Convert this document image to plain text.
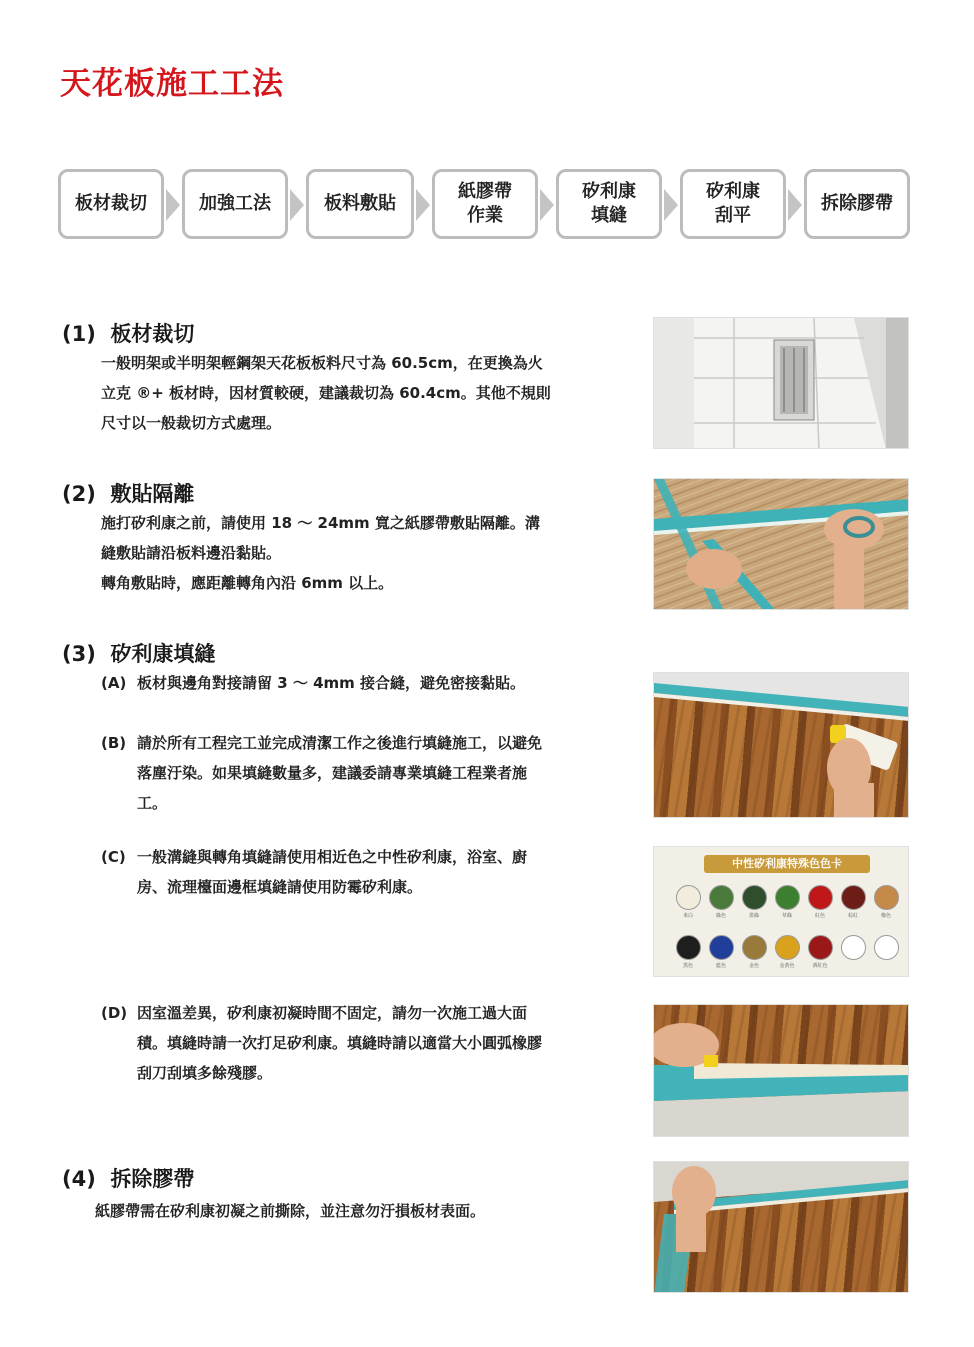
天花板施工工法
板材裁切	加強工法	板料敷貼
紙膠帶
作業
矽利康
填縫
矽利康
刮平
拆除膠帶
(1) 板材裁切
一般明架或半明架輕鋼架天花板板料尺寸為 60.5cm，在更換為火
立克 ®+ 板材時，因材質較硬，建議裁切為 60.4cm。其他不規則
尺寸以一般裁切方式處理。
(2) 敷貼隔離
施打矽利康之前，請使用 18 ～ 24mm 寬之紙膠帶敷貼隔離。溝
縫敷貼請沿板料邊沿黏貼。
轉角敷貼時，應距離轉角內沿 6mm 以上。
(3) 矽利康填縫
(A) 板材與邊角對接請留 3 ～ 4mm 接合縫，避免密接黏貼。
(B) 請於所有工程完工並完成清潔工作之後進行填縫施工，以避免
落塵汙染。如果填縫數量多，建議委請專業填縫工程業者施
工。
(C) 一般溝縫與轉角填縫請使用相近色之中性矽利康，浴室、廚
房、流理檯面邊框填縫請使用防霉矽利康。
(D) 因室溫差異，矽利康初凝時間不固定，請勿一次施工過大面
積。填縫時請一次打足矽利康。填縫時請以適當大小圓弧橡膠
刮刀刮填多餘殘膠。
中性矽利康特殊色色卡
米白	綠色	墨綠	草綠	紅色	棕紅	橡色
黑色	藍色	金色	金黃色	酒紅色
(4) 拆除膠帶
紙膠帶需在矽利康初凝之前撕除，並注意勿汙損板材表面。
